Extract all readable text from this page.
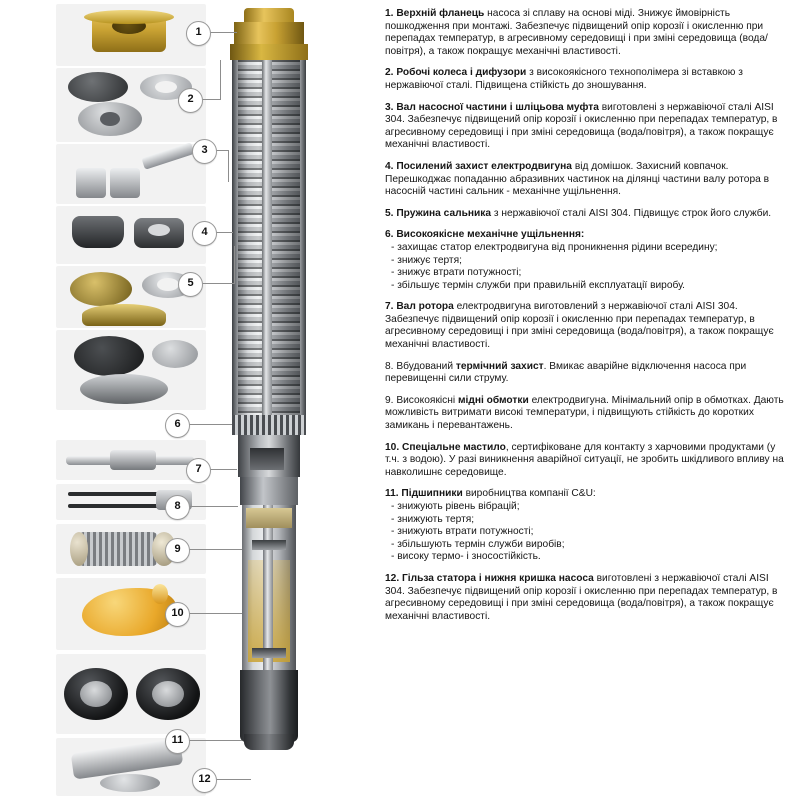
1
2
3
4
5
6
7
8
9
10
11
12
1. Верхній фланець насоса зі сплаву на основі міді. Знижує ймовірність пошкодження при монтажі. Забезпечує підвищений опір корозії і окисленню при перепадах температур, в агресивному середовищі і при зміні середовища (вода/повітря), а також покращує механічні властивості.
2. Робочі колеса і дифузори з високоякісного технополімера зі вставкою з нержавіючої сталі. Підвищена стійкість до зношування.
3. Вал насосної частини і шліцьова муфта виготовлені з нержавіючої сталі AISI 304. Забезпечує підвищений опір корозії і окисленню при перепадах температур, в агресивному середовищі і при зміні середовища (вода/повітря), а також покращує механічні властивості.
4. Посилений захист електродвигуна від домішок. Захисний ковпачок. Перешкоджає попаданню абразивних частинок на ділянці частини валу ротора в насосній частині сальник - механічне ущільнення.
5. Пружина сальника з нержавіючої сталі AISI 304. Підвищує строк його служби.
6. Високоякісне механічне ущільнення:
- захищає статор електродвигуна від проникнення рідини всередину;
- знижує тертя;
- знижує втрати потужності;
- збільшує термін служби при правильній експлуатації виробу.
7. Вал ротора електродвигуна виготовлений з нержавіючої сталі AISI 304. Забезпечує підвищений опір корозії і окисленню при перепадах температур, в агресивному середовищі і при зміні середовища (вода/повітря), а також покращує механічні властивості.
8. Вбудований термічний захист. Вмикає аварійне відключення насоса при перевищенні сили струму.
9. Високоякісні мідні обмотки електродвигуна. Мінімальний опір в обмотках. Дають можливість витримати високі температури, і підвищують стійкість до коротких замикань і перевантажень.
10. Спеціальне мастило, сертифіковане для контакту з харчовими продуктами (у т.ч. з водою). У разі виникнення аварійної ситуації, не зробить шкідливого впливу на навколишнє середовище.
11. Підшипники виробництва компанії C&U:
- знижують рівень вібрацій;
- знижують тертя;
- знижують втрати потужності;
- збільшують термін служби виробів;
- високу термо- і зносостійкість.
12. Гільза статора і нижня кришка насоса виготовлені з нержавіючої сталі AISI 304. Забезпечує підвищений опір корозії і окисленню при перепадах температур, в агресивному середовищі і при зміні середовища (вода/повітря), а також покращує механічні властивості.
